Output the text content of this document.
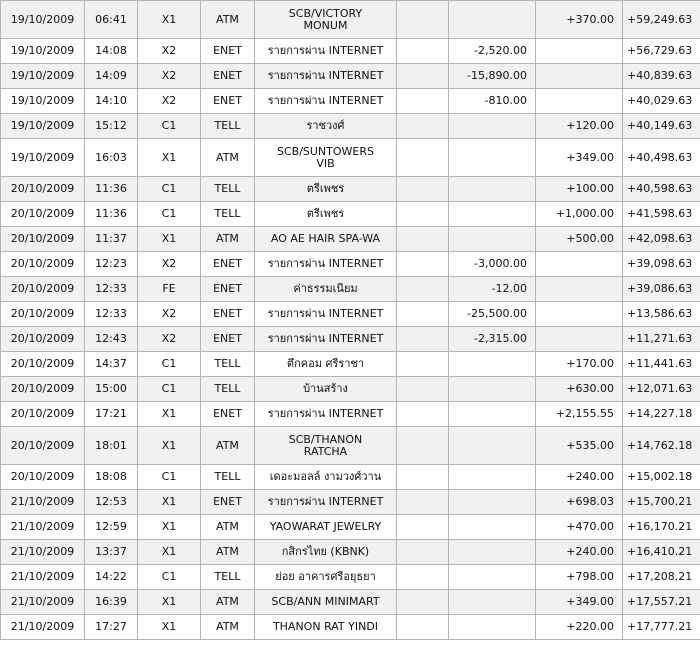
19/10/2009	06:41	X1	ATM	SCB/VICTORY
MONUM			+370.00	+59,249.63
19/10/2009	14:08	X2	ENET	รายการผ่าน INTERNET		-2,520.00		+56,729.63
19/10/2009	14:09	X2	ENET	รายการผ่าน INTERNET		-15,890.00		+40,839.63
19/10/2009	14:10	X2	ENET	รายการผ่าน INTERNET		-810.00		+40,029.63
19/10/2009	15:12	C1	TELL	ราชวงศ์			+120.00	+40,149.63
19/10/2009	16:03	X1	ATM	SCB/SUNTOWERS
VIB			+349.00	+40,498.63
20/10/2009	11:36	C1	TELL	ตรีเพชร			+100.00	+40,598.63
20/10/2009	11:36	C1	TELL	ตรีเพชร			+1,000.00	+41,598.63
20/10/2009	11:37	X1	ATM	AO AE HAIR SPA-WA			+500.00	+42,098.63
20/10/2009	12:23	X2	ENET	รายการผ่าน INTERNET		-3,000.00		+39,098.63
20/10/2009	12:33	FE	ENET	ค่าธรรมเนียม		-12.00		+39,086.63
20/10/2009	12:33	X2	ENET	รายการผ่าน INTERNET		-25,500.00		+13,586.63
20/10/2009	12:43	X2	ENET	รายการผ่าน INTERNET		-2,315.00		+11,271.63
20/10/2009	14:37	C1	TELL	ตึกคอม ศรีราชา			+170.00	+11,441.63
20/10/2009	15:00	C1	TELL	บ้านสร้าง			+630.00	+12,071.63
20/10/2009	17:21	X1	ENET	รายการผ่าน INTERNET			+2,155.55	+14,227.18
20/10/2009	18:01	X1	ATM	SCB/THANON
RATCHA			+535.00	+14,762.18
20/10/2009	18:08	C1	TELL	เดอะมอลล์ งามวงศ์วาน			+240.00	+15,002.18
21/10/2009	12:53	X1	ENET	รายการผ่าน INTERNET			+698.03	+15,700.21
21/10/2009	12:59	X1	ATM	YAOWARAT JEWELRY			+470.00	+16,170.21
21/10/2009	13:37	X1	ATM	กสิกรไทย (KBNK)			+240.00	+16,410.21
21/10/2009	14:22	C1	TELL	ย่อย อาคารศรีอยุธยา			+798.00	+17,208.21
21/10/2009	16:39	X1	ATM	SCB/ANN MINIMART			+349.00	+17,557.21
21/10/2009	17:27	X1	ATM	THANON RAT YINDI			+220.00	+17,777.21
